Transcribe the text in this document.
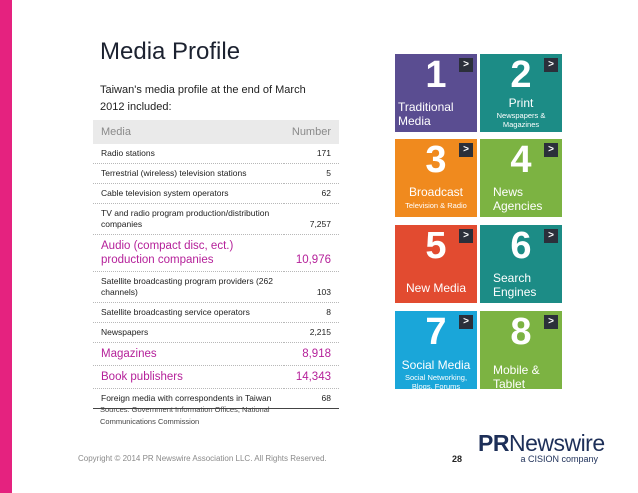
Media Profile
Taiwan's media profile at the end of March 2012 included:
Media	Number
Radio stations	171
Terrestrial (wireless) television stations	5
Cable television system operators	62
TV and radio program production/distribution companies	7,257
Audio (compact disc, ect.) production companies	10,976
Satellite broadcasting program providers (262 channels)	103
Satellite broadcasting service operators	8
Newspapers	2,215
Magazines	8,918
Book publishers	14,343
Foreign media with correspondents in Taiwan	68
Sources: Government Information Offices, National Communications Commission
Copyright © 2014 PR Newswire Association LLC. All Rights Reserved.	28
PRNewswire
a CISION company
>
1
Traditional Media
>
2
Print
Newspapers & Magazines
>
3
Broadcast
Television & Radio
>
4
News Agencies
>
5
New Media
>
6
Search Engines
>
7
Social Media
Social Networking, Blogs, Forums
>
8
Mobile & Tablet
